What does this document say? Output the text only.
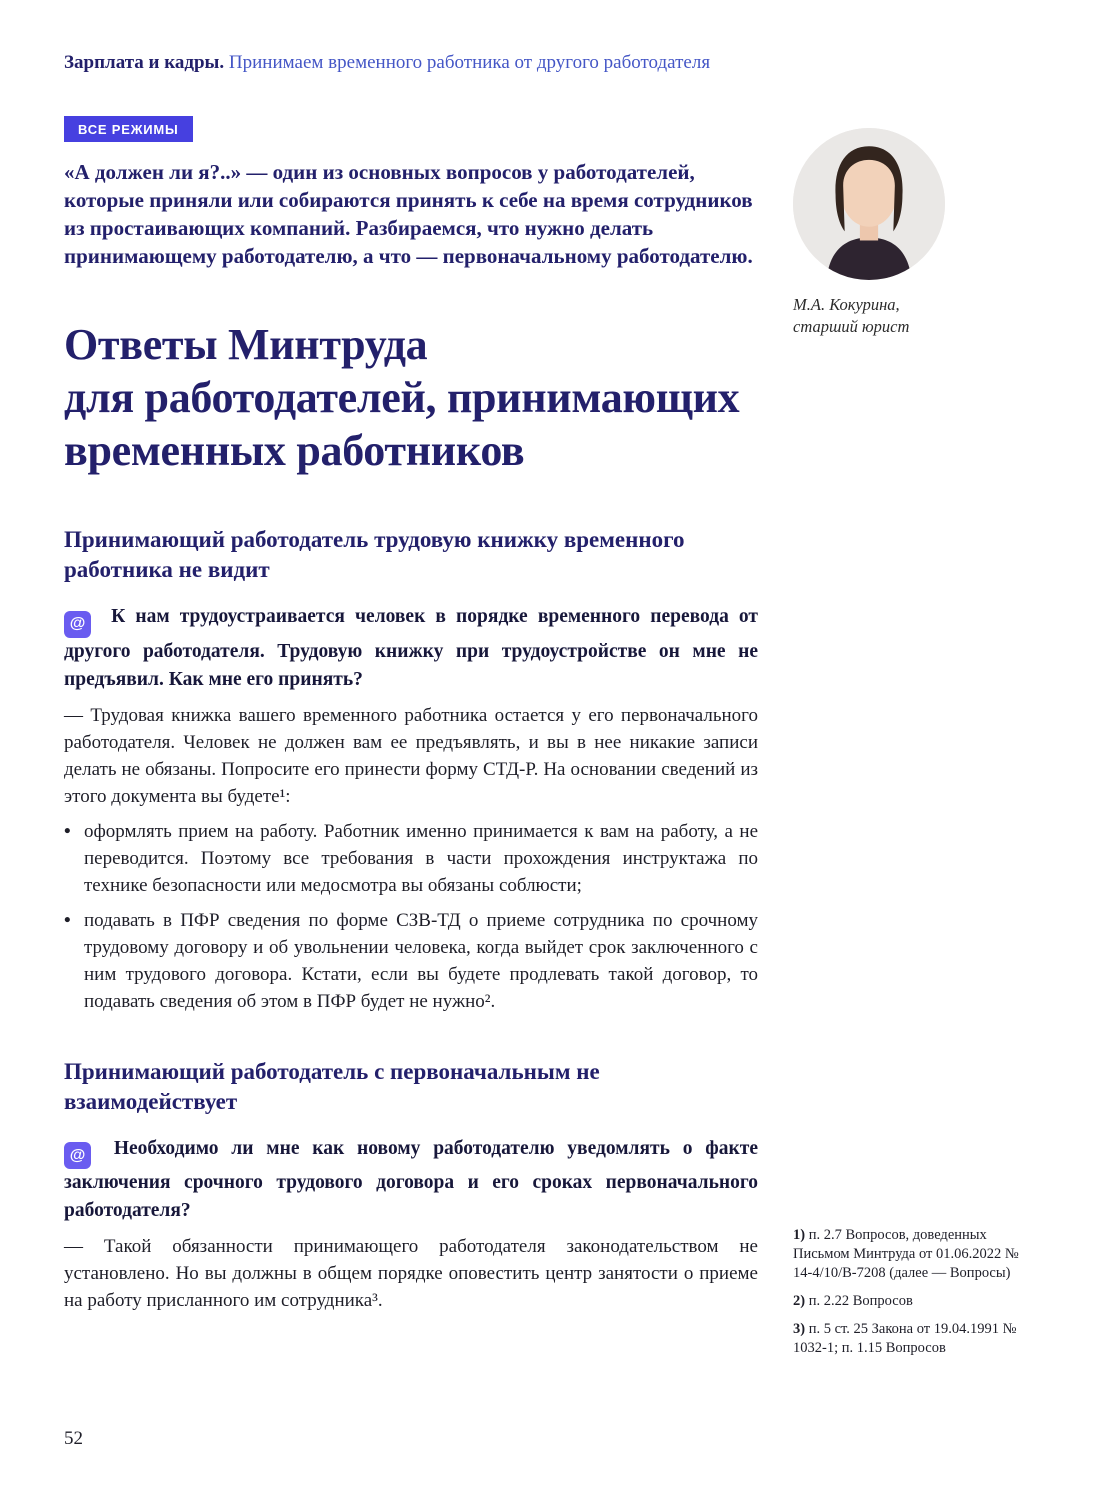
Зарплата и кадры. Принимаем временного работника от другого работодателя
ВСЕ РЕЖИМЫ

«А должен ли я?..» — один из основных вопросов у работодателей, которые приняли или собираются принять к себе на время сотрудников из простаивающих компаний. Разбираемся, что нужно делать принимающему работодателю, а что — первоначальному работодателю.

Ответы Минтруда
для работодателей, принимающих
временных работников
Принимающий работодатель трудовую книжку временного работника не видит

@ К нам трудоустраивается человек в порядке временного перевода от другого работодателя. Трудовую книжку при трудоустройстве он мне не предъявил. Как мне его принять?

— Трудовая книжка вашего временного работника остается у его первоначального работодателя. Человек не должен вам ее предъявлять, и вы в нее никакие записи делать не обязаны. Попросите его принести форму СТД-Р. На основании сведений из этого документа вы будете¹:

• оформлять прием на работу. Работник именно принимается к вам на работу, а не переводится. Поэтому все требования в части прохождения инструктажа по технике безопасности или медосмотра вы обязаны соблюсти;
• подавать в ПФР сведения по форме СЗВ-ТД о приеме сотрудника по срочному трудовому договору и об увольнении человека, когда выйдет срок заключенного с ним трудового договора. Кстати, если вы будете продлевать такой договор, то подавать сведения об этом в ПФР будет не нужно².
Принимающий работодатель с первоначальным не взаимодействует

@ Необходимо ли мне как новому работодателю уведомлять о факте заключения срочного трудового договора и его сроках первоначального работодателя?

— Такой обязанности принимающего работодателя законодательством не установлено. Но вы должны в общем порядке оповестить центр занятости о приеме на работу присланного им сотрудника³.

М.А. Кокурина,
старший юрист
1) п. 2.7 Вопросов, доведенных Письмом Минтруда от 01.06.2022 № 14-4/10/В-7208 (далее — Вопросы)
2) п. 2.22 Вопросов
3) п. 5 ст. 25 Закона от 19.04.1991 № 1032-1; п. 1.15 Вопросов
52
